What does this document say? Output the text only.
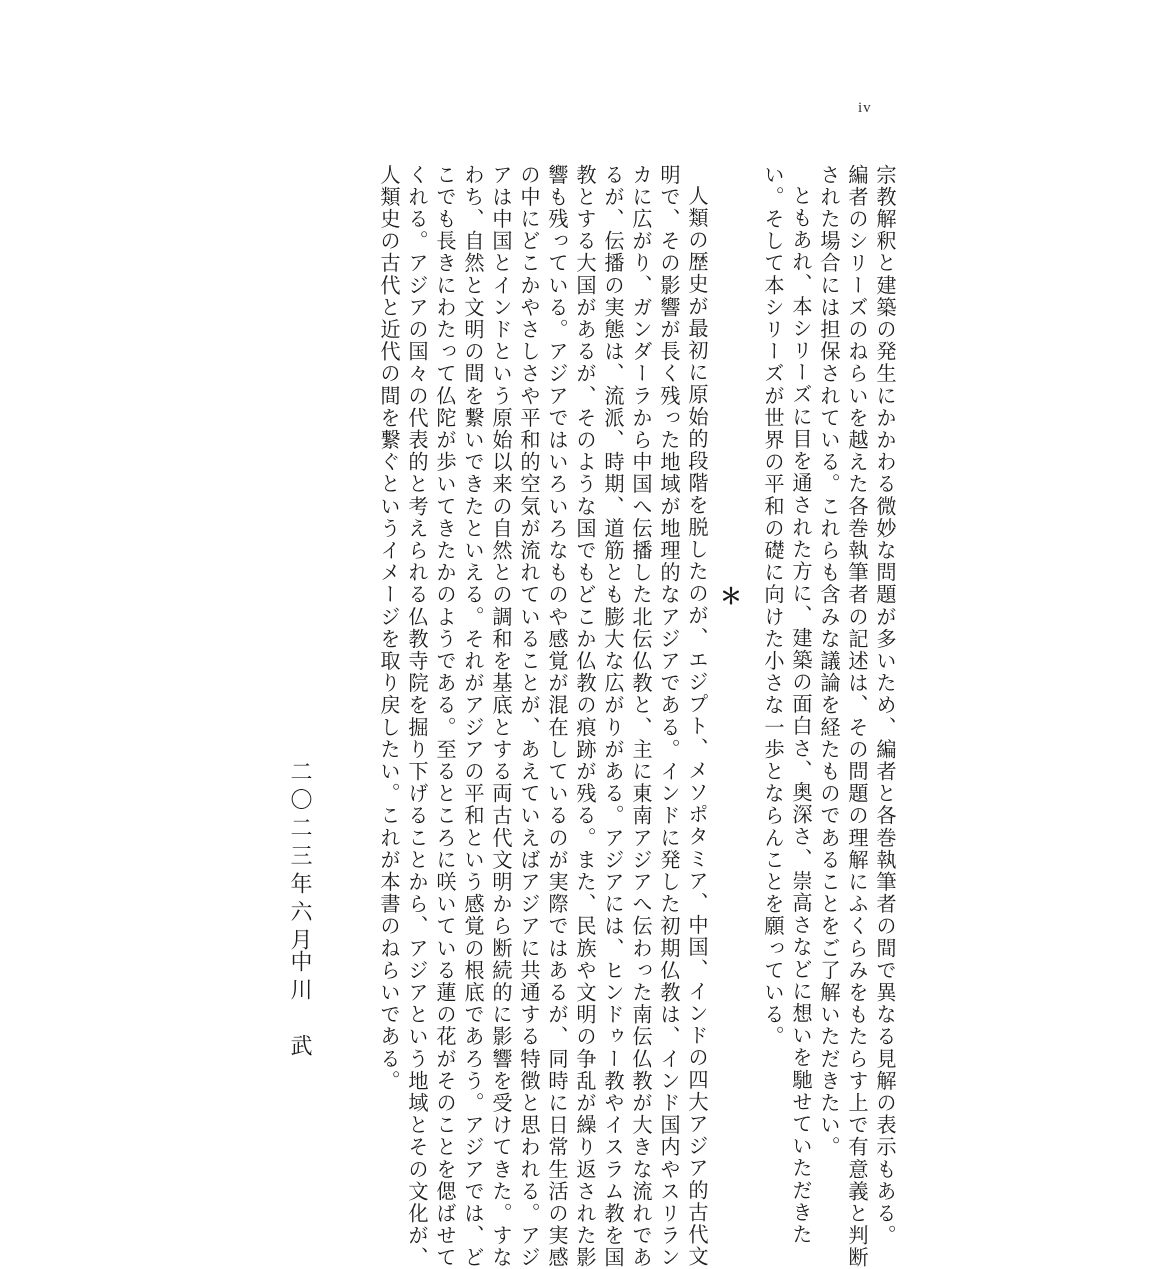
iv
宗教解釈と建築の発生にかかわる微妙な問題が多いため、編者と各巻執筆者の間で異なる見解の表示もある。
編者のシリーズのねらいを越えた各巻執筆者の記述は、その問題の理解にふくらみをもたらす上で有意義と判断
された場合には担保されている。これらも含みな議論を経たものであることをご了解いただきたい。
ともあれ、本シリーズに目を通された方に、建築の面白さ、奥深さ、崇高さなどに想いを馳せていただきた
い。そして本シリーズが世界の平和の礎に向けた小さな一歩とならんことを願っている。
＊
人類の歴史が最初に原始的段階を脱したのが、エジプト、メソポタミア、中国、インドの四大アジア的古代文
明で、その影響が長く残った地域が地理的なアジアである。インドに発した初期仏教は、インド国内やスリラン
カに広がり、ガンダーラから中国へ伝播した北伝仏教と、主に東南アジアへ伝わった南伝仏教が大きな流れであ
るが、伝播の実態は、流派、時期、道筋とも膨大な広がりがある。アジアには、ヒンドゥー教やイスラム教を国
教とする大国があるが、そのような国でもどこか仏教の痕跡が残る。また、民族や文明の争乱が繰り返された影
響も残っている。アジアではいろいろなものや感覚が混在しているのが実際ではあるが、同時に日常生活の実感
の中にどこかやさしさや平和的空気が流れていることが、あえていえばアジアに共通する特徴と思われる。アジ
アは中国とインドという原始以来の自然との調和を基底とする両古代文明から断続的に影響を受けてきた。すな
わち、自然と文明の間を繋いできたといえる。それがアジアの平和という感覚の根底であろう。アジアでは、ど
こでも長きにわたって仏陀が歩いてきたかのようである。至るところに咲いている蓮の花がそのことを偲ばせて
くれる。アジアの国々の代表的と考えられる仏教寺院を掘り下げることから、アジアという地域とその文化が、
人類史の古代と近代の間を繋ぐというイメージを取り戻したい。これが本書のねらいである。
二〇二三年六月
中川　武
